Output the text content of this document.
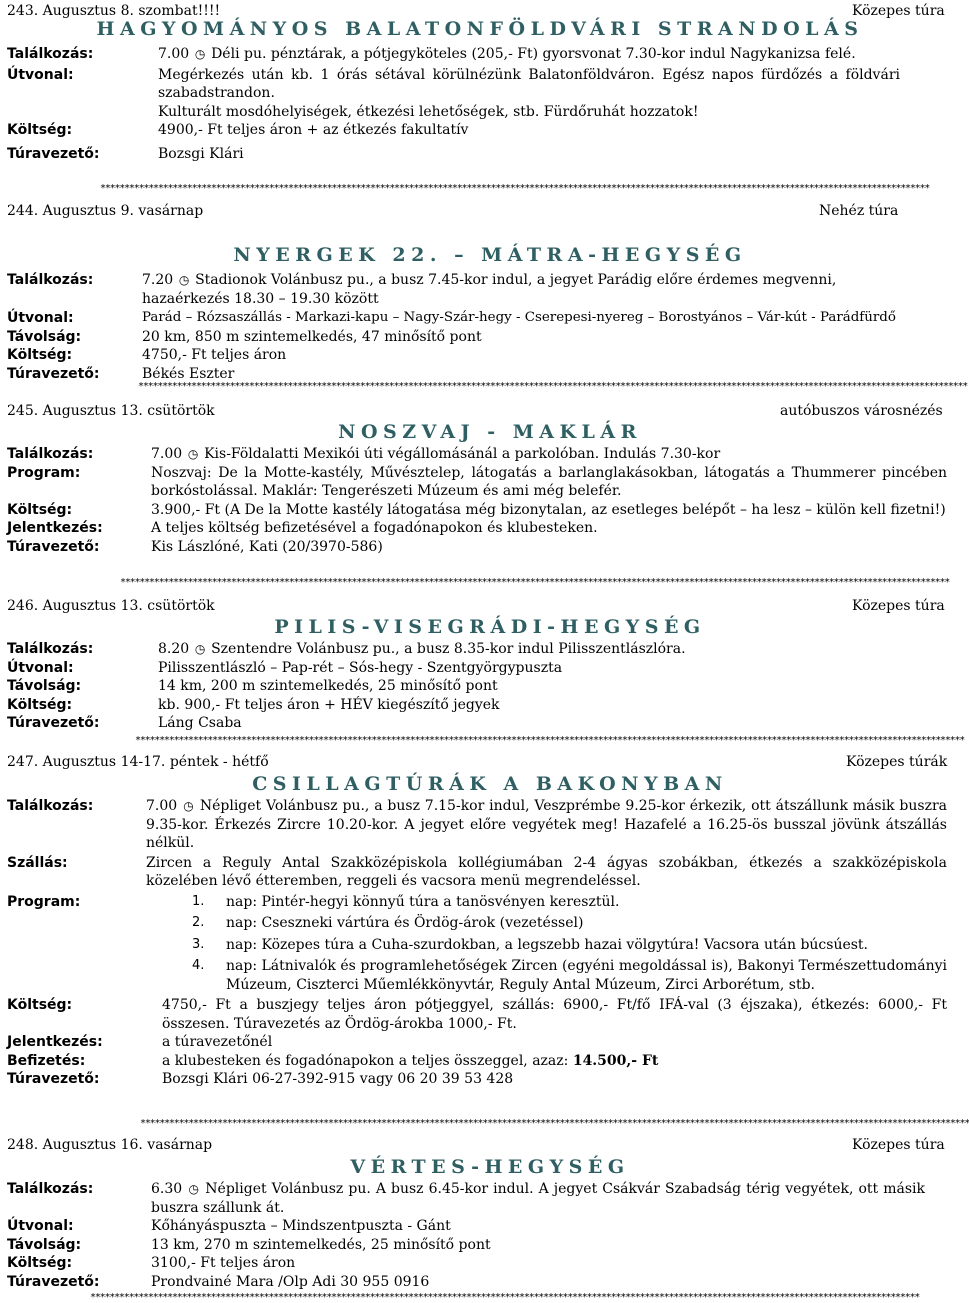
243. Augusztus 8. szombat!!!!	Közepes túra
HAGYOMÁNYOS BALATONFÖLDVÁRI STRANDOLÁS
Találkozás:	7.00 ◷ Déli pu. pénztárak, a pótjegyköteles (205,- Ft) gyorsvonat 7.30-kor indul Nagykanizsa felé.
Útvonal:	Megérkezés után kb. 1 órás sétával körülnézünk Balatonföldváron. Egész napos fürdőzés a földvári szabadstrandon.
Kulturált mosdóhelyiségek, étkezési lehetőségek, stb. Fürdőruhát hozzatok!
Költség:	4900,- Ft teljes áron + az étkezés fakultatív
Túravezető:	Bozsgi Klári
****************************************************************************************************************************************************************************
244. Augusztus 9. vasárnap	Nehéz túra
NYERGEK 22. – MÁTRA-HEGYSÉG
Találkozás:	7.20 ◷ Stadionok Volánbusz pu., a busz 7.45-kor indul, a jegyet Parádig előre érdemes megvenni, hazaérkezés 18.30 – 19.30 között
Útvonal:	Parád – Rózsaszállás - Markazi-kapu – Nagy-Szár-hegy - Cserepesi-nyereg – Borostyános – Vár-kút - Parádfürdő
Távolság:	20 km, 850 m szintemelkedés, 47 minősítő pont
Költség:	4750,- Ft teljes áron
Túravezető:	Békés Eszter
****************************************************************************************************************************************************************************
245. Augusztus 13. csütörtök	autóbuszos városnézés
NOSZVAJ - MAKLÁR
Találkozás:	7.00 ◷ Kis-Földalatti Mexikói úti végállomásánál a parkolóban. Indulás 7.30-kor
Program:	Noszvaj: De la Motte-kastély, Művésztelep, látogatás a barlanglakásokban, látogatás a Thummerer pincében borkóstolással. Maklár: Tengerészeti Múzeum és ami még belefér.
Költség:	3.900,- Ft (A De la Motte kastély látogatása még bizonytalan, az esetleges belépőt – ha lesz – külön kell fizetni!)
Jelentkezés:	A teljes költség befizetésével a fogadónapokon és klubesteken.
Túravezető:	Kis Lászlóné, Kati (20/3970-586)
****************************************************************************************************************************************************************************
246. Augusztus 13. csütörtök	Közepes túra
PILIS-VISEGRÁDI-HEGYSÉG
Találkozás:	8.20 ◷ Szentendre Volánbusz pu., a busz 8.35-kor indul Pilisszentlászlóra.
Útvonal:	Pilisszentlászló – Pap-rét – Sós-hegy - Szentgyörgypuszta
Távolság:	14 km, 200 m szintemelkedés, 25 minősítő pont
Költség:	kb. 900,- Ft teljes áron + HÉV kiegészítő jegyek
Túravezető:	Láng Csaba
****************************************************************************************************************************************************************************
247. Augusztus 14-17. péntek - hétfő	Közepes túrák
CSILLAGTÚRÁK A BAKONYBAN
Találkozás:	7.00 ◷ Népliget Volánbusz pu., a busz 7.15-kor indul, Veszprémbe 9.25-kor érkezik, ott átszállunk másik buszra 9.35-kor. Érkezés Zircre 10.20-kor. A jegyet előre vegyétek meg! Hazafelé a 16.25-ös busszal jövünk átszállás nélkül.
Szállás:	Zircen a Reguly Antal Szakközépiskola kollégiumában 2-4 ágyas szobákban, étkezés a szakközépiskola közelében lévő étteremben, reggeli és vacsora menü megrendeléssel.
Program:	1. nap: Pintér-hegyi könnyű túra a tanösvényen keresztül.
2. nap: Cseszneki vártúra és Ördög-árok (vezetéssel)
3. nap: Közepes túra a Cuha-szurdokban, a legszebb hazai völgytúra! Vacsora után búcsúest.
4. nap: Látnivalók és programlehetőségek Zircen (egyéni megoldással is), Bakonyi Természettudományi Múzeum, Ciszterci Műemlékkönyvtár, Reguly Antal Múzeum, Zirci Arborétum, stb.
Költség:	4750,- Ft a buszjegy teljes áron pótjeggyel, szállás: 6900,- Ft/fő IFÁ-val (3 éjszaka), étkezés: 6000,- Ft összesen. Túravezetés az Ördög-árokba 1000,- Ft.
Jelentkezés:	a túravezetőnél
Befizetés:	a klubesteken és fogadónapokon a teljes összeggel, azaz: 14.500,- Ft
Túravezető:	Bozsgi Klári 06-27-392-915 vagy 06 20 39 53 428
****************************************************************************************************************************************************************************
248. Augusztus 16. vasárnap	Közepes túra
VÉRTES-HEGYSÉG
Találkozás:	6.30 ◷ Népliget Volánbusz pu. A busz 6.45-kor indul. A jegyet Csákvár Szabadság térig vegyétek, ott másik buszra szállunk át.
Útvonal:	Kőhányáspuszta – Mindszentpuszta - Gánt
Távolság:	13 km, 270 m szintemelkedés, 25 minősítő pont
Költség:	3100,- Ft teljes áron
Túravezető:	Prondvainé Mara /Olp Adi 30 955 0916
****************************************************************************************************************************************************************************
